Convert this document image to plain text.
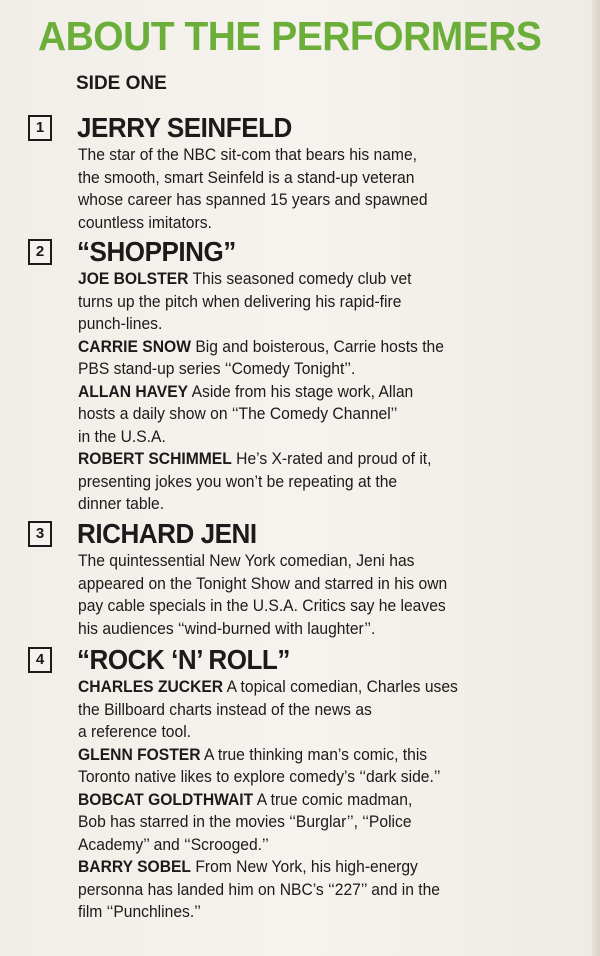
ABOUT THE PERFORMERS
SIDE ONE
1 JERRY SEINFELD

The star of the NBC sit-com that bears his name,

the smooth, smart Seinfeld is a stand-up veteran

whose career has spanned 15 years and spawned

countless imitators.

2 “SHOPPING”

JOE BOLSTER This seasoned comedy club vet

turns up the pitch when delivering his rapid-fire

punch-lines.

CARRIE SNOW Big and boisterous, Carrie hosts the

PBS stand-up series ‘‘Comedy Tonight’’.

ALLAN HAVEY Aside from his stage work, Allan

hosts a daily show on ‘‘The Comedy Channel’’

in the U.S.A.

ROBERT SCHIMMEL He’s X-rated and proud of it,

presenting jokes you won’t be repeating at the

dinner table.

3 RICHARD JENI

The quintessential New York comedian, Jeni has

appeared on the Tonight Show and starred in his own

pay cable specials in the U.S.A. Critics say he leaves

his audiences ‘‘wind-burned with laughter’’.

4 “ROCK ‘N’ ROLL”

CHARLES ZUCKER A topical comedian, Charles uses

the Billboard charts instead of the news as

a reference tool.

GLENN FOSTER A true thinking man’s comic, this

Toronto native likes to explore comedy’s ‘‘dark side.’’

BOBCAT GOLDTHWAIT A true comic madman,

Bob has starred in the movies ‘‘Burglar’’, ‘‘Police

Academy’’ and ‘‘Scrooged.’’

BARRY SOBEL From New York, his high-energy

personna has landed him on NBC’s ‘‘227’’ and in the

film ‘‘Punchlines.’’
